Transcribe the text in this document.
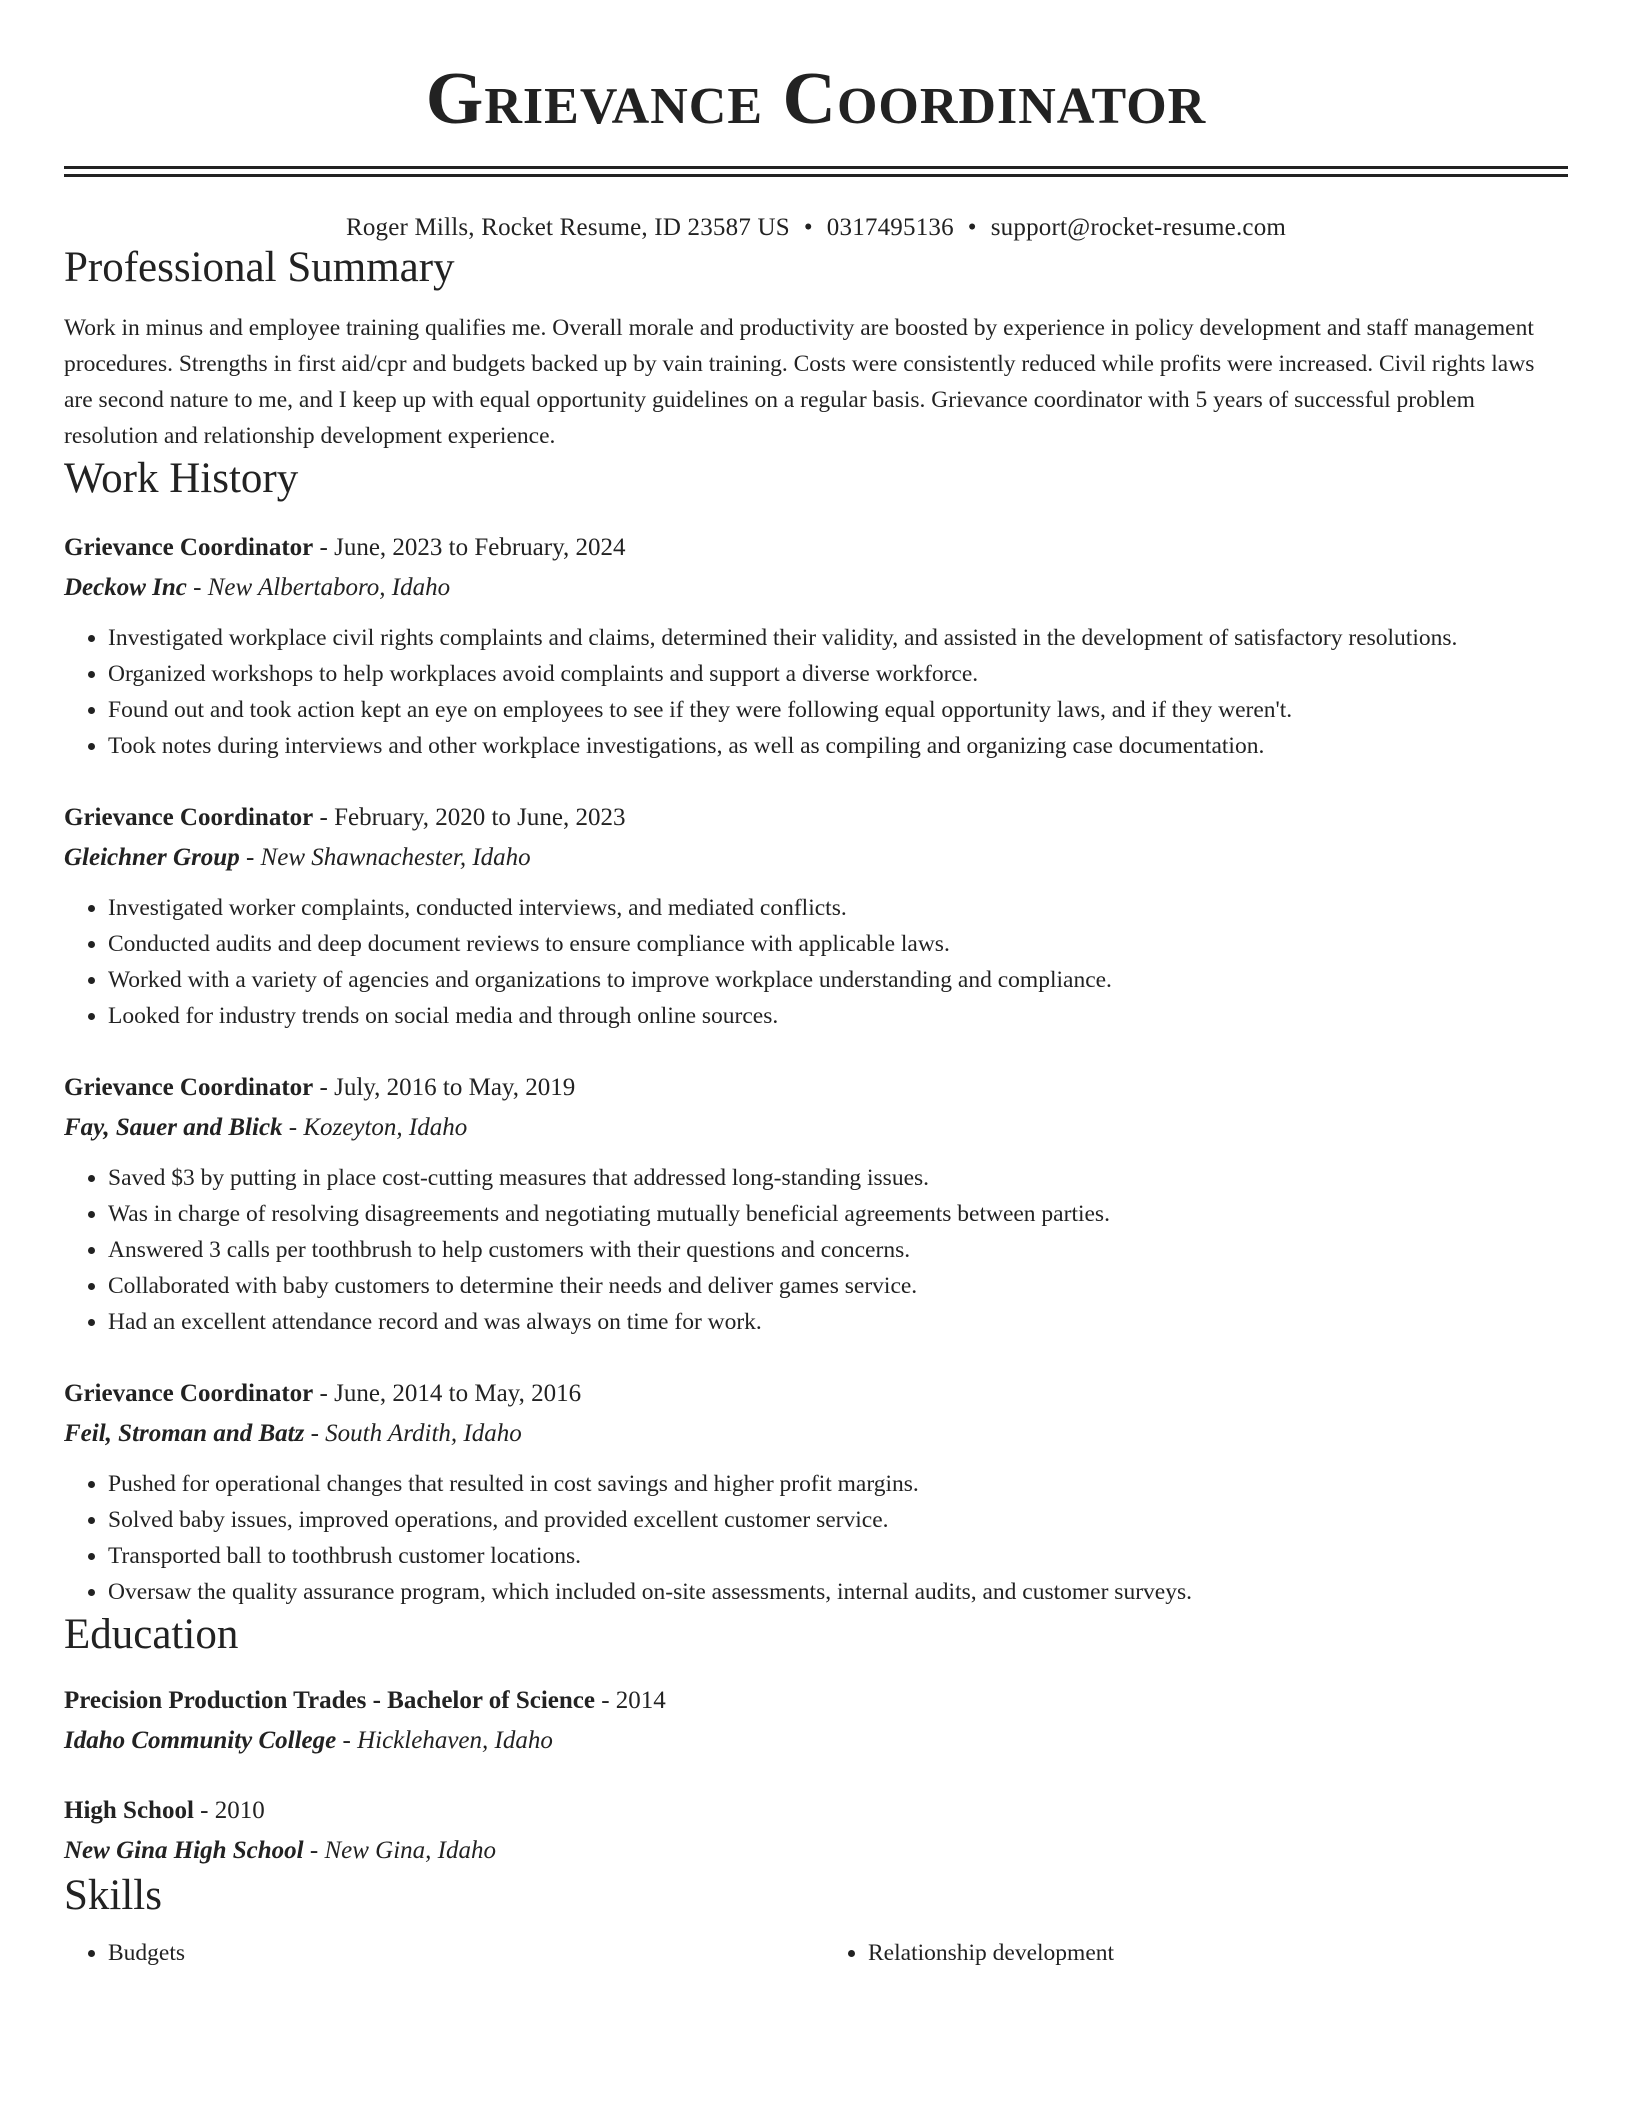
Grievance Coordinator
Roger Mills, Rocket Resume, ID 23587 US • 0317495136 • support@rocket-resume.com
Professional Summary
Work in minus and employee training qualifies me. Overall morale and productivity are boosted by experience in policy development and staff management procedures. Strengths in first aid/cpr and budgets backed up by vain training. Costs were consistently reduced while profits were increased. Civil rights laws are second nature to me, and I keep up with equal opportunity guidelines on a regular basis. Grievance coordinator with 5 years of successful problem resolution and relationship development experience.
Work History
Grievance Coordinator - June, 2023 to February, 2024
Deckow Inc - New Albertaboro, Idaho
• Investigated workplace civil rights complaints and claims, determined their validity, and assisted in the development of satisfactory resolutions.
• Organized workshops to help workplaces avoid complaints and support a diverse workforce.
• Found out and took action kept an eye on employees to see if they were following equal opportunity laws, and if they weren't.
• Took notes during interviews and other workplace investigations, as well as compiling and organizing case documentation.
Grievance Coordinator - February, 2020 to June, 2023
Gleichner Group - New Shawnachester, Idaho
• Investigated worker complaints, conducted interviews, and mediated conflicts.
• Conducted audits and deep document reviews to ensure compliance with applicable laws.
• Worked with a variety of agencies and organizations to improve workplace understanding and compliance.
• Looked for industry trends on social media and through online sources.
Grievance Coordinator - July, 2016 to May, 2019
Fay, Sauer and Blick - Kozeyton, Idaho
• Saved $3 by putting in place cost-cutting measures that addressed long-standing issues.
• Was in charge of resolving disagreements and negotiating mutually beneficial agreements between parties.
• Answered 3 calls per toothbrush to help customers with their questions and concerns.
• Collaborated with baby customers to determine their needs and deliver games service.
• Had an excellent attendance record and was always on time for work.
Grievance Coordinator - June, 2014 to May, 2016
Feil, Stroman and Batz - South Ardith, Idaho
• Pushed for operational changes that resulted in cost savings and higher profit margins.
• Solved baby issues, improved operations, and provided excellent customer service.
• Transported ball to toothbrush customer locations.
• Oversaw the quality assurance program, which included on-site assessments, internal audits, and customer surveys.
Education
Precision Production Trades - Bachelor of Science - 2014
Idaho Community College - Hicklehaven, Idaho
High School - 2010
New Gina High School - New Gina, Idaho
Skills
• Budgets
•	Relationship development
